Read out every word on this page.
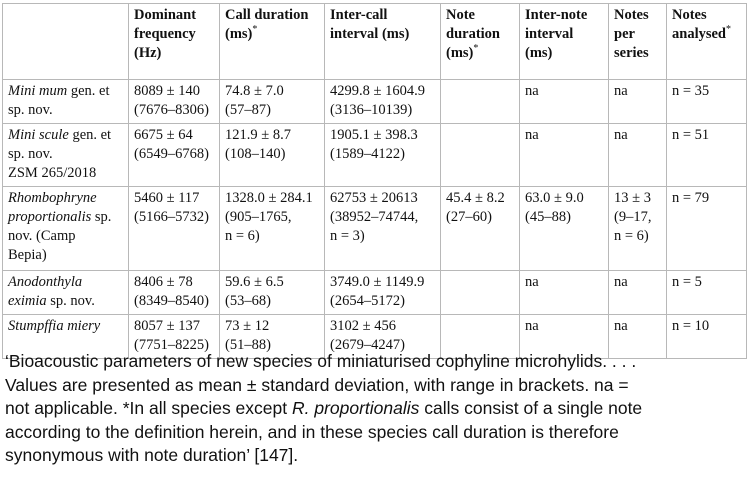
	Dominant
frequency
(Hz)	Call duration
(ms)*	Inter-call
interval (ms)	Note
duration
(ms)*	Inter-note
interval
(ms)	Notes
per
series	Notes
analysed*

Mini mum gen. et
sp. nov.	8089 ± 140
(7676–8306)	74.8 ± 7.0
(57–87)	4299.8 ± 1604.9
(3136–10139)		na	na	n = 35

Mini scule gen. et
sp. nov.
ZSM 265/2018	6675 ± 64
(6549–6768)	121.9 ± 8.7
(108–140)	1905.1 ± 398.3
(1589–4122)		na	na	n = 51

Rhombophryne
proportionalis sp.
nov. (Camp
Bepia)	5460 ± 117
(5166–5732)	1328.0 ± 284.1
(905–1765,
n = 6)	62753 ± 20613
(38952–74744,
n = 3)	45.4 ± 8.2
(27–60)	63.0 ± 9.0
(45–88)	13 ± 3
(9–17,
n = 6)	n = 79

Anodonthyla
eximia sp. nov.	8406 ± 78
(8349–8540)	59.6 ± 6.5
(53–68)	3749.0 ± 1149.9
(2654–5172)		na	na	n = 5

Stumpffia miery	8057 ± 137
(7751–8225)	73 ± 12
(51–88)	3102 ± 456
(2679–4247)		na	na	n = 10
‘Bioacoustic parameters of new species of miniaturised cophyline microhylids. . . .
Values are presented as mean ± standard deviation, with range in brackets. na =
not applicable. *In all species except R. proportionalis calls consist of a single note
according to the definition herein, and in these species call duration is therefore
synonymous with note duration’ [147].
